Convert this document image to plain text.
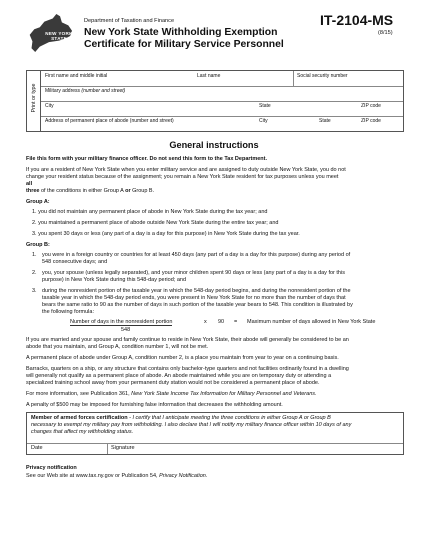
NEW YORK STATE
Department of Taxation and Finance
New York State Withholding Exemption
Certificate for Military Service Personnel
IT-2104-MS
(8/15)
Print or type
First name and middle initial	Last name	Social security number
Military address (number and street)
City	State	ZIP code
Address of permanent place of abode (number and street)	City	State	ZIP code
General instructions
File this form with your military finance officer. Do not send this form to the Tax Department.
If you are a resident of New York State when you enter military service and are assigned to duty outside New York State, you do not
change your resident status because of the assignment; you remain a New York State resident for tax purposes unless you meet
all
three of the conditions in either Group A or Group B.
Group A:
1. you did not maintain any permanent place of abode in New York State during the tax year; and
2. you maintained a permanent place of abode outside New York State during the entire tax year; and
3. you spent 30 days or less (any part of a day is a day for this purpose) in New York State during the tax year.
Group B:
1. you were in a foreign country or countries for at least 450 days (any part of a day is a day for this purpose) during any period of
548 consecutive days; and
2. you, your spouse (unless legally separated), and your minor children spent 90 days or less (any part of a day is a day for this
purpose) in New York State during this 548-day period; and
3. during the nonresident portion of the taxable year in which the 548-day period begins, and during the nonresident portion of the
taxable year in which the 548-day period ends, you were present in New York State for no more than the number of days that
bears the same ratio to 90 as the number of days in such portion of the taxable year bears to 548. This condition is illustrated by
the following formula:
Number of days in the nonresident portion
548
x 90 = Maximum number of days allowed in New York State
If you are married and your spouse and family continue to reside in New York State, their abode will generally be considered to be an
abode that you maintain, and Group A, condition number 1, will not be met.
A permanent place of abode under Group A, condition number 2, is a place you maintain from year to year on a continuing basis.
Barracks, quarters on a ship, or any structure that contains only bachelor-type quarters and not facilities ordinarily found in a dwelling
will generally not qualify as a permanent place of abode. An abode maintained while you are on temporary duty or attending a
specialized training school away from your permanent duty station would not be considered a permanent place of abode.
For more information, see Publication 361, New York State Income Tax Information for Military Personnel and Veterans.
A penalty of $500 may be imposed for furnishing false information that decreases the withholding amount.
Member of armed forces certification - I certify that I anticipate meeting the three conditions in either Group A or Group B
necessary to exempt my military pay from withholding. I also declare that I will notify my military finance officer within 10 days of any
changes that affect my withholding status.
Date	Signature
Privacy notification
See our Web site at www.tax.ny.gov or Publication 54, Privacy Notification.
